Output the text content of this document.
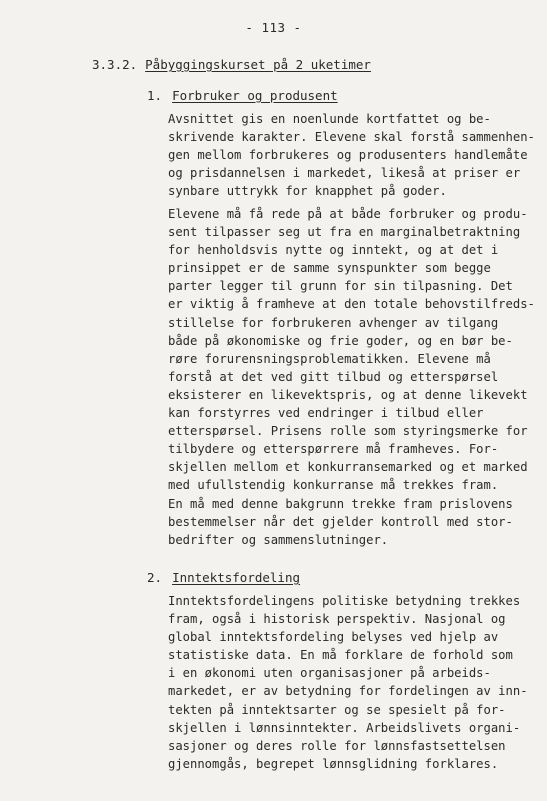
- 113 -
3.3.2. Påbyggingskurset på 2 uketimer
1. Forbruker og produsent
Avsnittet gis en noenlunde kortfattet og be-
skrivende karakter. Elevene skal forstå sammenhen-
gen mellom forbrukeres og produsenters handlemåte
og prisdannelsen i markedet, likeså at priser er
synbare uttrykk for knapphet på goder.
Elevene må få rede på at både forbruker og produ-
sent tilpasser seg ut fra en marginalbetraktning
for henholdsvis nytte og inntekt, og at det i
prinsippet er de samme synspunkter som begge
parter legger til grunn for sin tilpasning. Det
er viktig å framheve at den totale behovstilfreds-
stillelse for forbrukeren avhenger av tilgang
både på økonomiske og frie goder, og en bør be-
røre forurensningsproblematikken. Elevene må
forstå at det ved gitt tilbud og etterspørsel
eksisterer en likevektspris, og at denne likevekt
kan forstyrres ved endringer i tilbud eller
etterspørsel. Prisens rolle som styringsmerke for
tilbydere og etterspørrere må framheves. For-
skjellen mellom et konkurransemarked og et marked
med ufullstendig konkurranse må trekkes fram.
En må med denne bakgrunn trekke fram prislovens
bestemmelser når det gjelder kontroll med stor-
bedrifter og sammenslutninger.
2. Inntektsfordeling
Inntektsfordelingens politiske betydning trekkes
fram, også i historisk perspektiv. Nasjonal og
global inntektsfordeling belyses ved hjelp av
statistiske data. En må forklare de forhold som
i en økonomi uten organisasjoner på arbeids-
markedet, er av betydning for fordelingen av inn-
tekten på inntektsarter og se spesielt på for-
skjellen i lønnsinntekter. Arbeidslivets organi-
sasjoner og deres rolle for lønnsfastsettelsen
gjennomgås, begrepet lønnsglidning forklares.
